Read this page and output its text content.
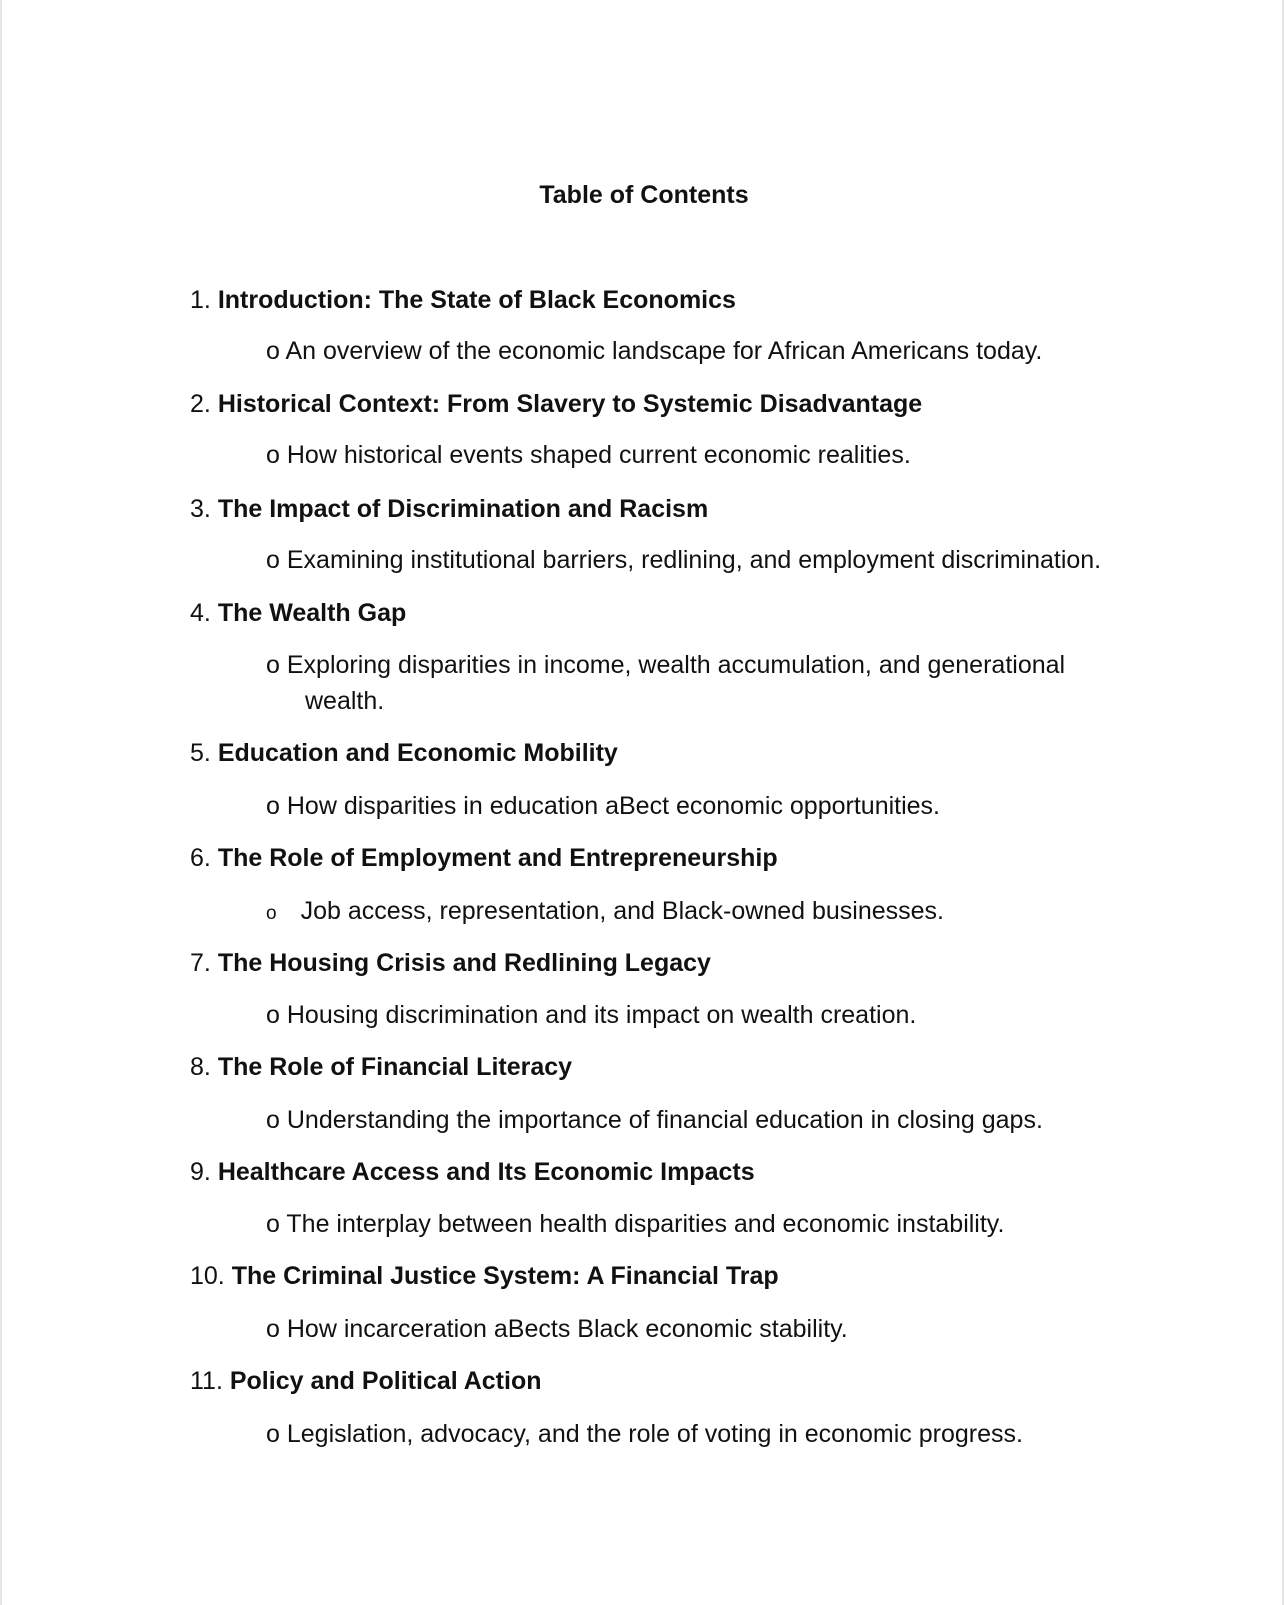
Table of Contents
1. Introduction: The State of Black Economics
o An overview of the economic landscape for African Americans today.
2. Historical Context: From Slavery to Systemic Disadvantage
o How historical events shaped current economic realities.
3. The Impact of Discrimination and Racism
o Examining institutional barriers, redlining, and employment discrimination.
4. The Wealth Gap
o Exploring disparities in income, wealth accumulation, and generational wealth.
5. Education and Economic Mobility
o How disparities in education aBect economic opportunities.
6. The Role of Employment and Entrepreneurship
o Job access, representation, and Black-owned businesses.
7. The Housing Crisis and Redlining Legacy
o Housing discrimination and its impact on wealth creation.
8. The Role of Financial Literacy
o Understanding the importance of financial education in closing gaps.
9. Healthcare Access and Its Economic Impacts
o The interplay between health disparities and economic instability.
10. The Criminal Justice System: A Financial Trap
o How incarceration aBects Black economic stability.
11. Policy and Political Action
o Legislation, advocacy, and the role of voting in economic progress.
